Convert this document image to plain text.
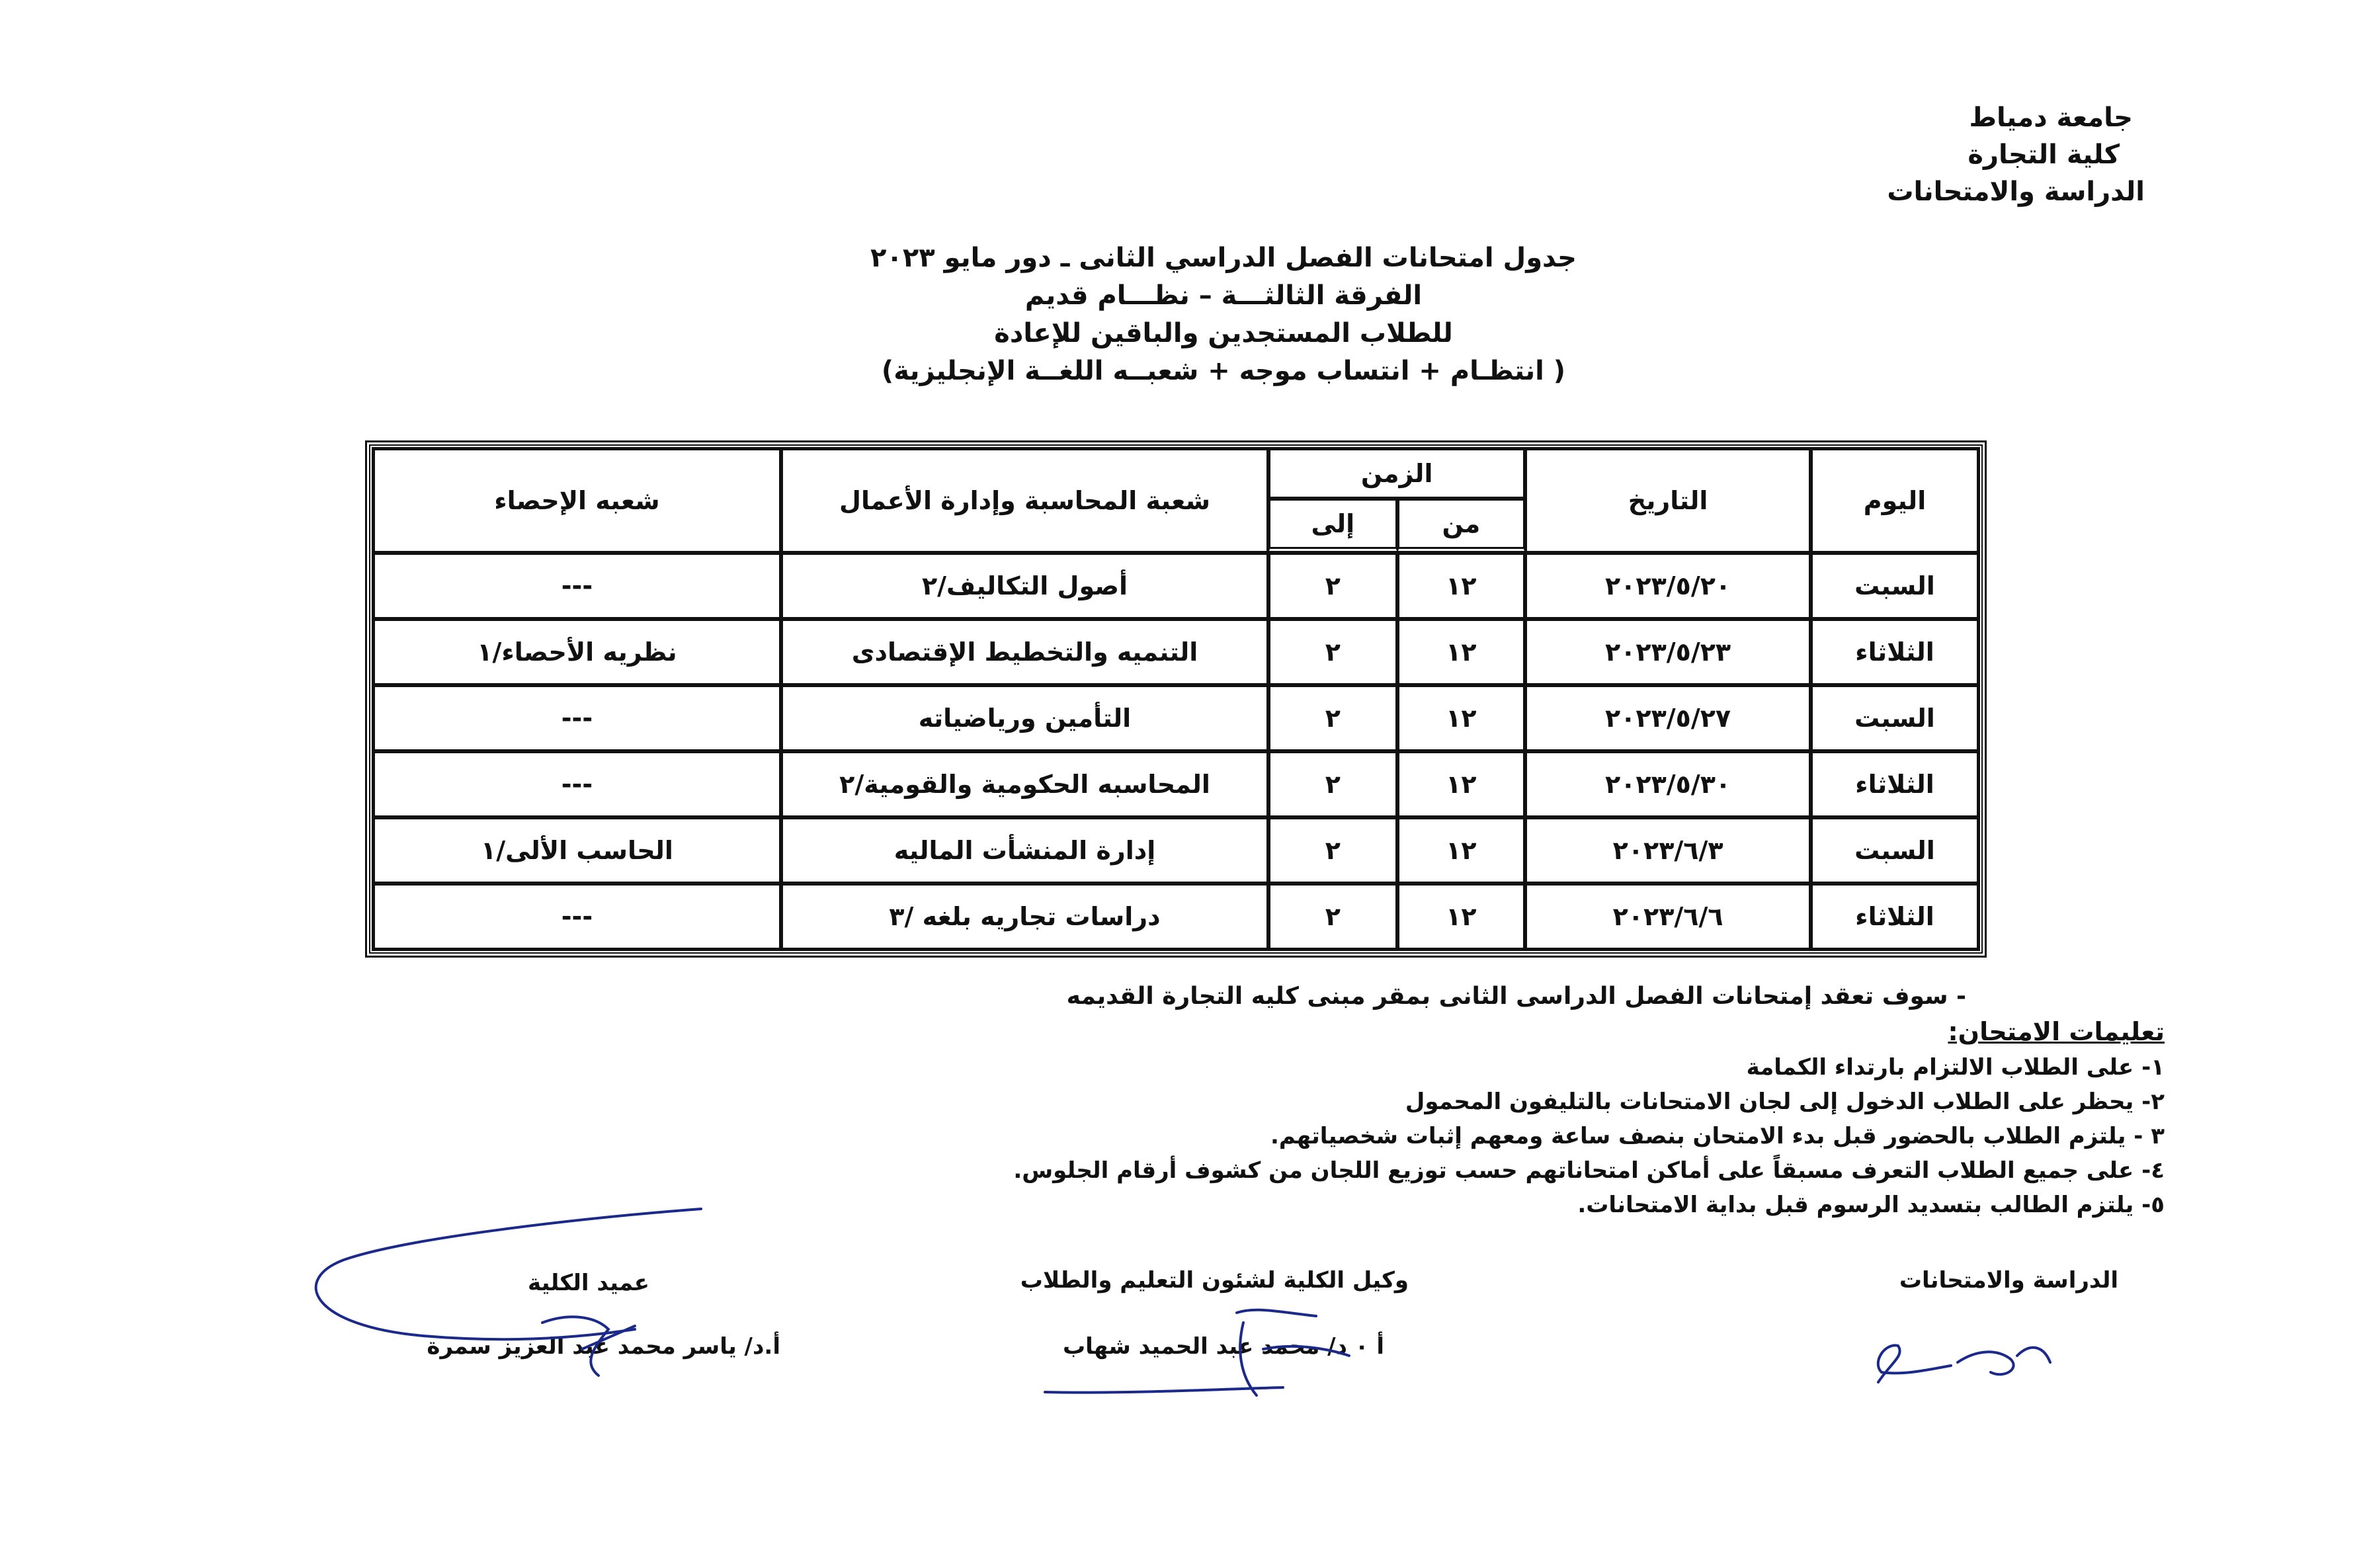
جامعة دمياط
كلية التجارة
الدراسة والامتحانات
جدول امتحانات الفصل الدراسي الثانى ـ دور مايو ٢٠٢٣
الفرقة الثالثـــة – نظـــام قديم
للطلاب المستجدين والباقين للإعادة
( انتظـام + انتساب موجه + شعبــه اللغــة الإنجليزية)
اليوم	التاريخ	الزمن		شعبة المحاسبة وإدارة الأعمال	شعبه الإحصاء
		من	إلى		
السبت	٢٠٢٣/٥/٢٠	١٢	٢	أصول التكاليف/٢	---
الثلاثاء	٢٠٢٣/٥/٢٣	١٢	٢	التنميه والتخطيط الإقتصادى	نظريه الأحصاء/١
السبت	٢٠٢٣/٥/٢٧	١٢	٢	التأمين ورياضياته	---
الثلاثاء	٢٠٢٣/٥/٣٠	١٢	٢	المحاسبه الحكومية والقومية/٢	---
السبت	٢٠٢٣/٦/٣	١٢	٢	إدارة المنشأت الماليه	الحاسب الألى/١
الثلاثاء	٢٠٢٣/٦/٦	١٢	٢	دراسات تجاريه بلغه /٣	---
- سوف تعقد إمتحانات الفصل الدراسى الثانى بمقر مبنى كليه التجارة القديمه
تعليمات الامتحان:
١- على الطلاب الالتزام بارتداء الكمامة
٢- يحظر على الطلاب الدخول إلى لجان الامتحانات بالتليفون المحمول
٣ - يلتزم الطلاب بالحضور قبل بدء الامتحان بنصف ساعة ومعهم إثبات شخصياتهم.
٤- على جميع الطلاب التعرف مسبقاً على أماكن امتحاناتهم حسب توزيع اللجان من كشوف أرقام الجلوس.
٥- يلتزم الطالب بتسديد الرسوم قبل بداية الامتحانات.
الدراسة والامتحانات
وكيل الكلية لشئون التعليم والطلاب
أ ٠ د/ محمد عبد الحميد شهاب
عميد الكلية
أ.د/ ياسر محمد عبد العزيز سمرة
